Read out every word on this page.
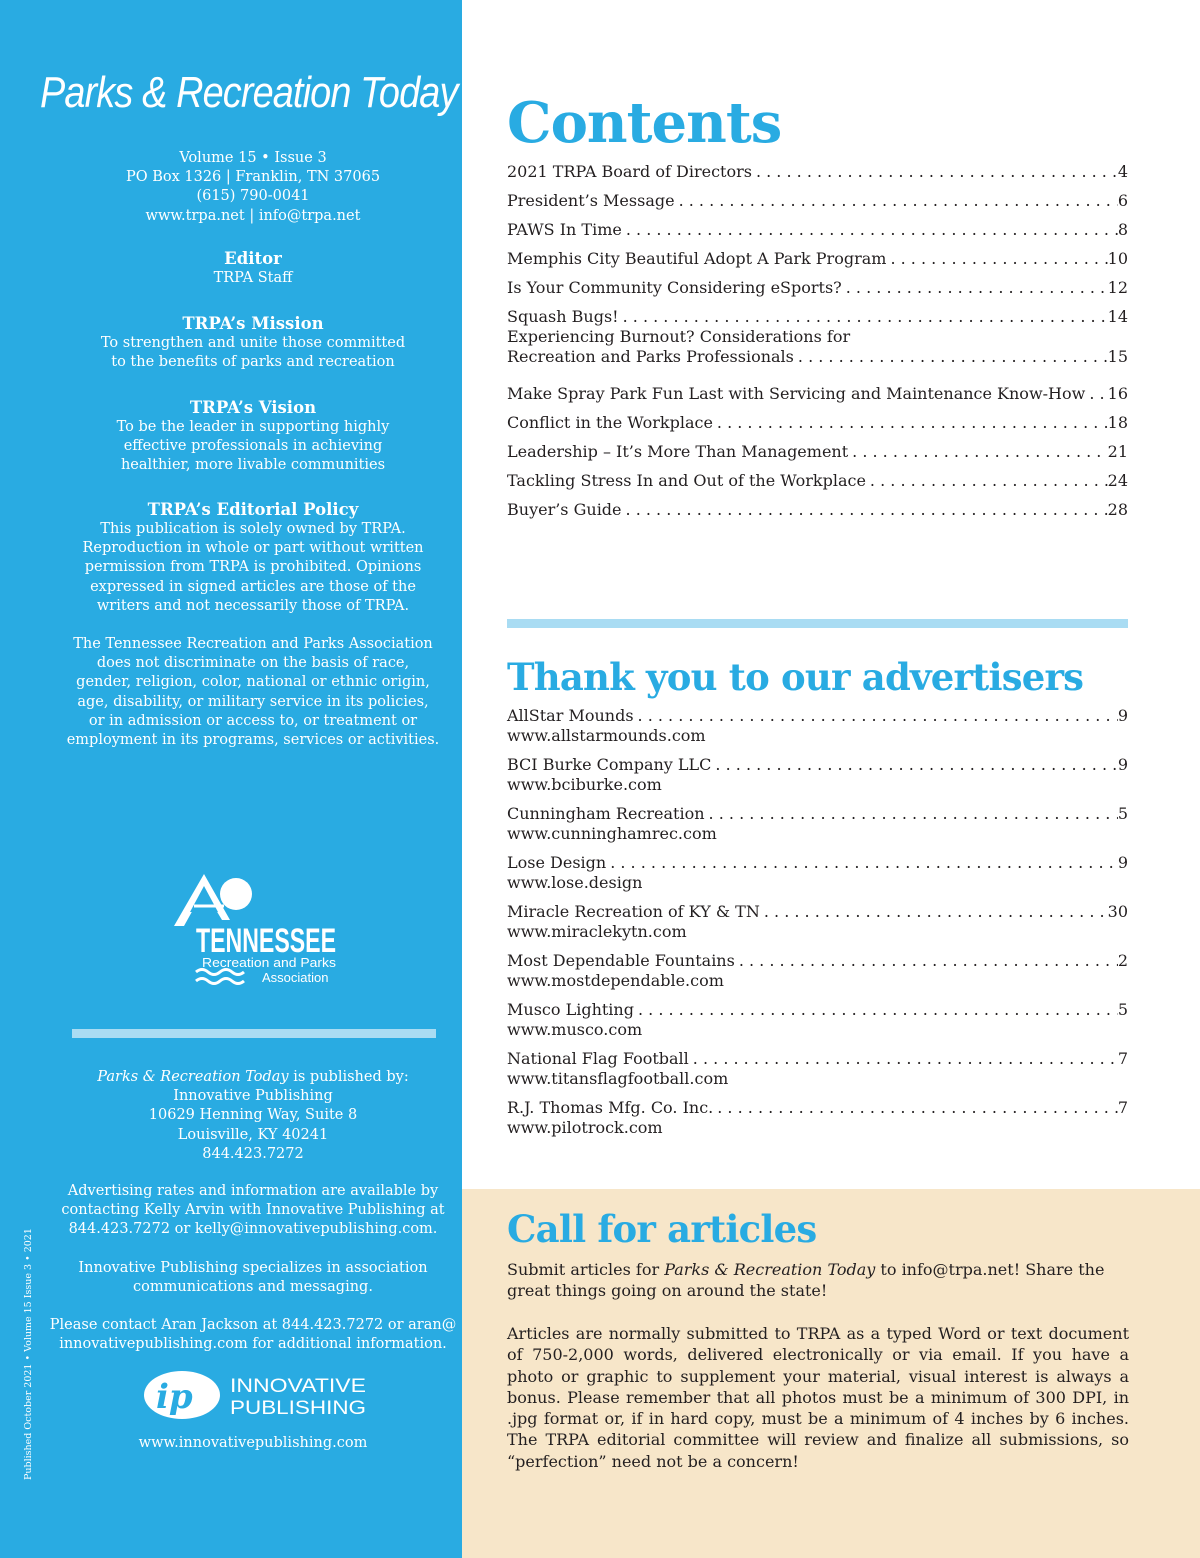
Parks & Recreation Today

Volume 15 • Issue 3

PO Box 1326 | Franklin, TN 37065

(615) 790-0041

www.trpa.net | info@trpa.net

Editor

TRPA Staff

TRPA’s Mission

To strengthen and unite those committed

to the benefits of parks and recreation

TRPA’s Vision

To be the leader in supporting highly

effective professionals in achieving

healthier, more livable communities

TRPA’s Editorial Policy

This publication is solely owned by TRPA.

Reproduction in whole or part without written

permission from TRPA is prohibited. Opinions

expressed in signed articles are those of the

writers and not necessarily those of TRPA.

The Tennessee Recreation and Parks Association

does not discriminate on the basis of race,

gender, religion, color, national or ethnic origin,

age, disability, or military service in its policies,

or in admission or access to, or treatment or

employment in its programs, services or activities.

TENNESSEE
Recreation and Parks
Association

Parks & Recreation Today is published by:

Innovative Publishing

10629 Henning Way, Suite 8

Louisville, KY 40241

844.423.7272

Advertising rates and information are available by

contacting Kelly Arvin with Innovative Publishing at

844.423.7272 or kelly@innovativepublishing.com.

Innovative Publishing specializes in association

communications and messaging.

Please contact Aran Jackson at 844.423.7272 or aran@

innovativepublishing.com for additional information.

ip INNOVATIVE
PUBLISHING

www.innovativepublishing.com

Published October 2021 • Volume 15 Issue 3 • 2021
Contents
2021 TRPA Board of Directors . . .	4
President’s Message . . .	6
PAWS In Time . . .	8
Memphis City Beautiful Adopt A Park Program . . .	10
Is Your Community Considering eSports? . . .	12
Squash Bugs! . . .	14
Experiencing Burnout? Considerations for
Recreation and Parks Professionals . . .	15
Make Spray Park Fun Last with Servicing and Maintenance Know-How . . . 16
Conflict in the Workplace . . .	18
Leadership – It’s More Than Management . . .	21
Tackling Stress In and Out of the Workplace . . .	24
Buyer’s Guide . . .	28
Thank you to our advertisers
AllStar Mounds . . .	9
www.allstarmounds.com
BCI Burke Company LLC . . .	9
www.bciburke.com
Cunningham Recreation . . .	5
www.cunninghamrec.com
Lose Design . . .	9
www.lose.design
Miracle Recreation of KY & TN . . .	30
www.miraclekytn.com
Most Dependable Fountains . . .	2
www.mostdependable.com
Musco Lighting . . .	5
www.musco.com
National Flag Football . . .	7
www.titansflagfootball.com
R.J. Thomas Mfg. Co. Inc. . . .	7
www.pilotrock.com
Call for articles

Submit articles for Parks & Recreation Today to info@trpa.net! Share the great things going on around the state!

Articles are normally submitted to TRPA as a typed Word or text document of 750-2,000 words, delivered electronically or via email. If you have a photo or graphic to supplement your material, visual interest is always a bonus. Please remember that all photos must be a minimum of 300 DPI, in .jpg format or, if in hard copy, must be a minimum of 4 inches by 6 inches. The TRPA editorial committee will review and finalize all submissions, so “perfection” need not be a concern!
